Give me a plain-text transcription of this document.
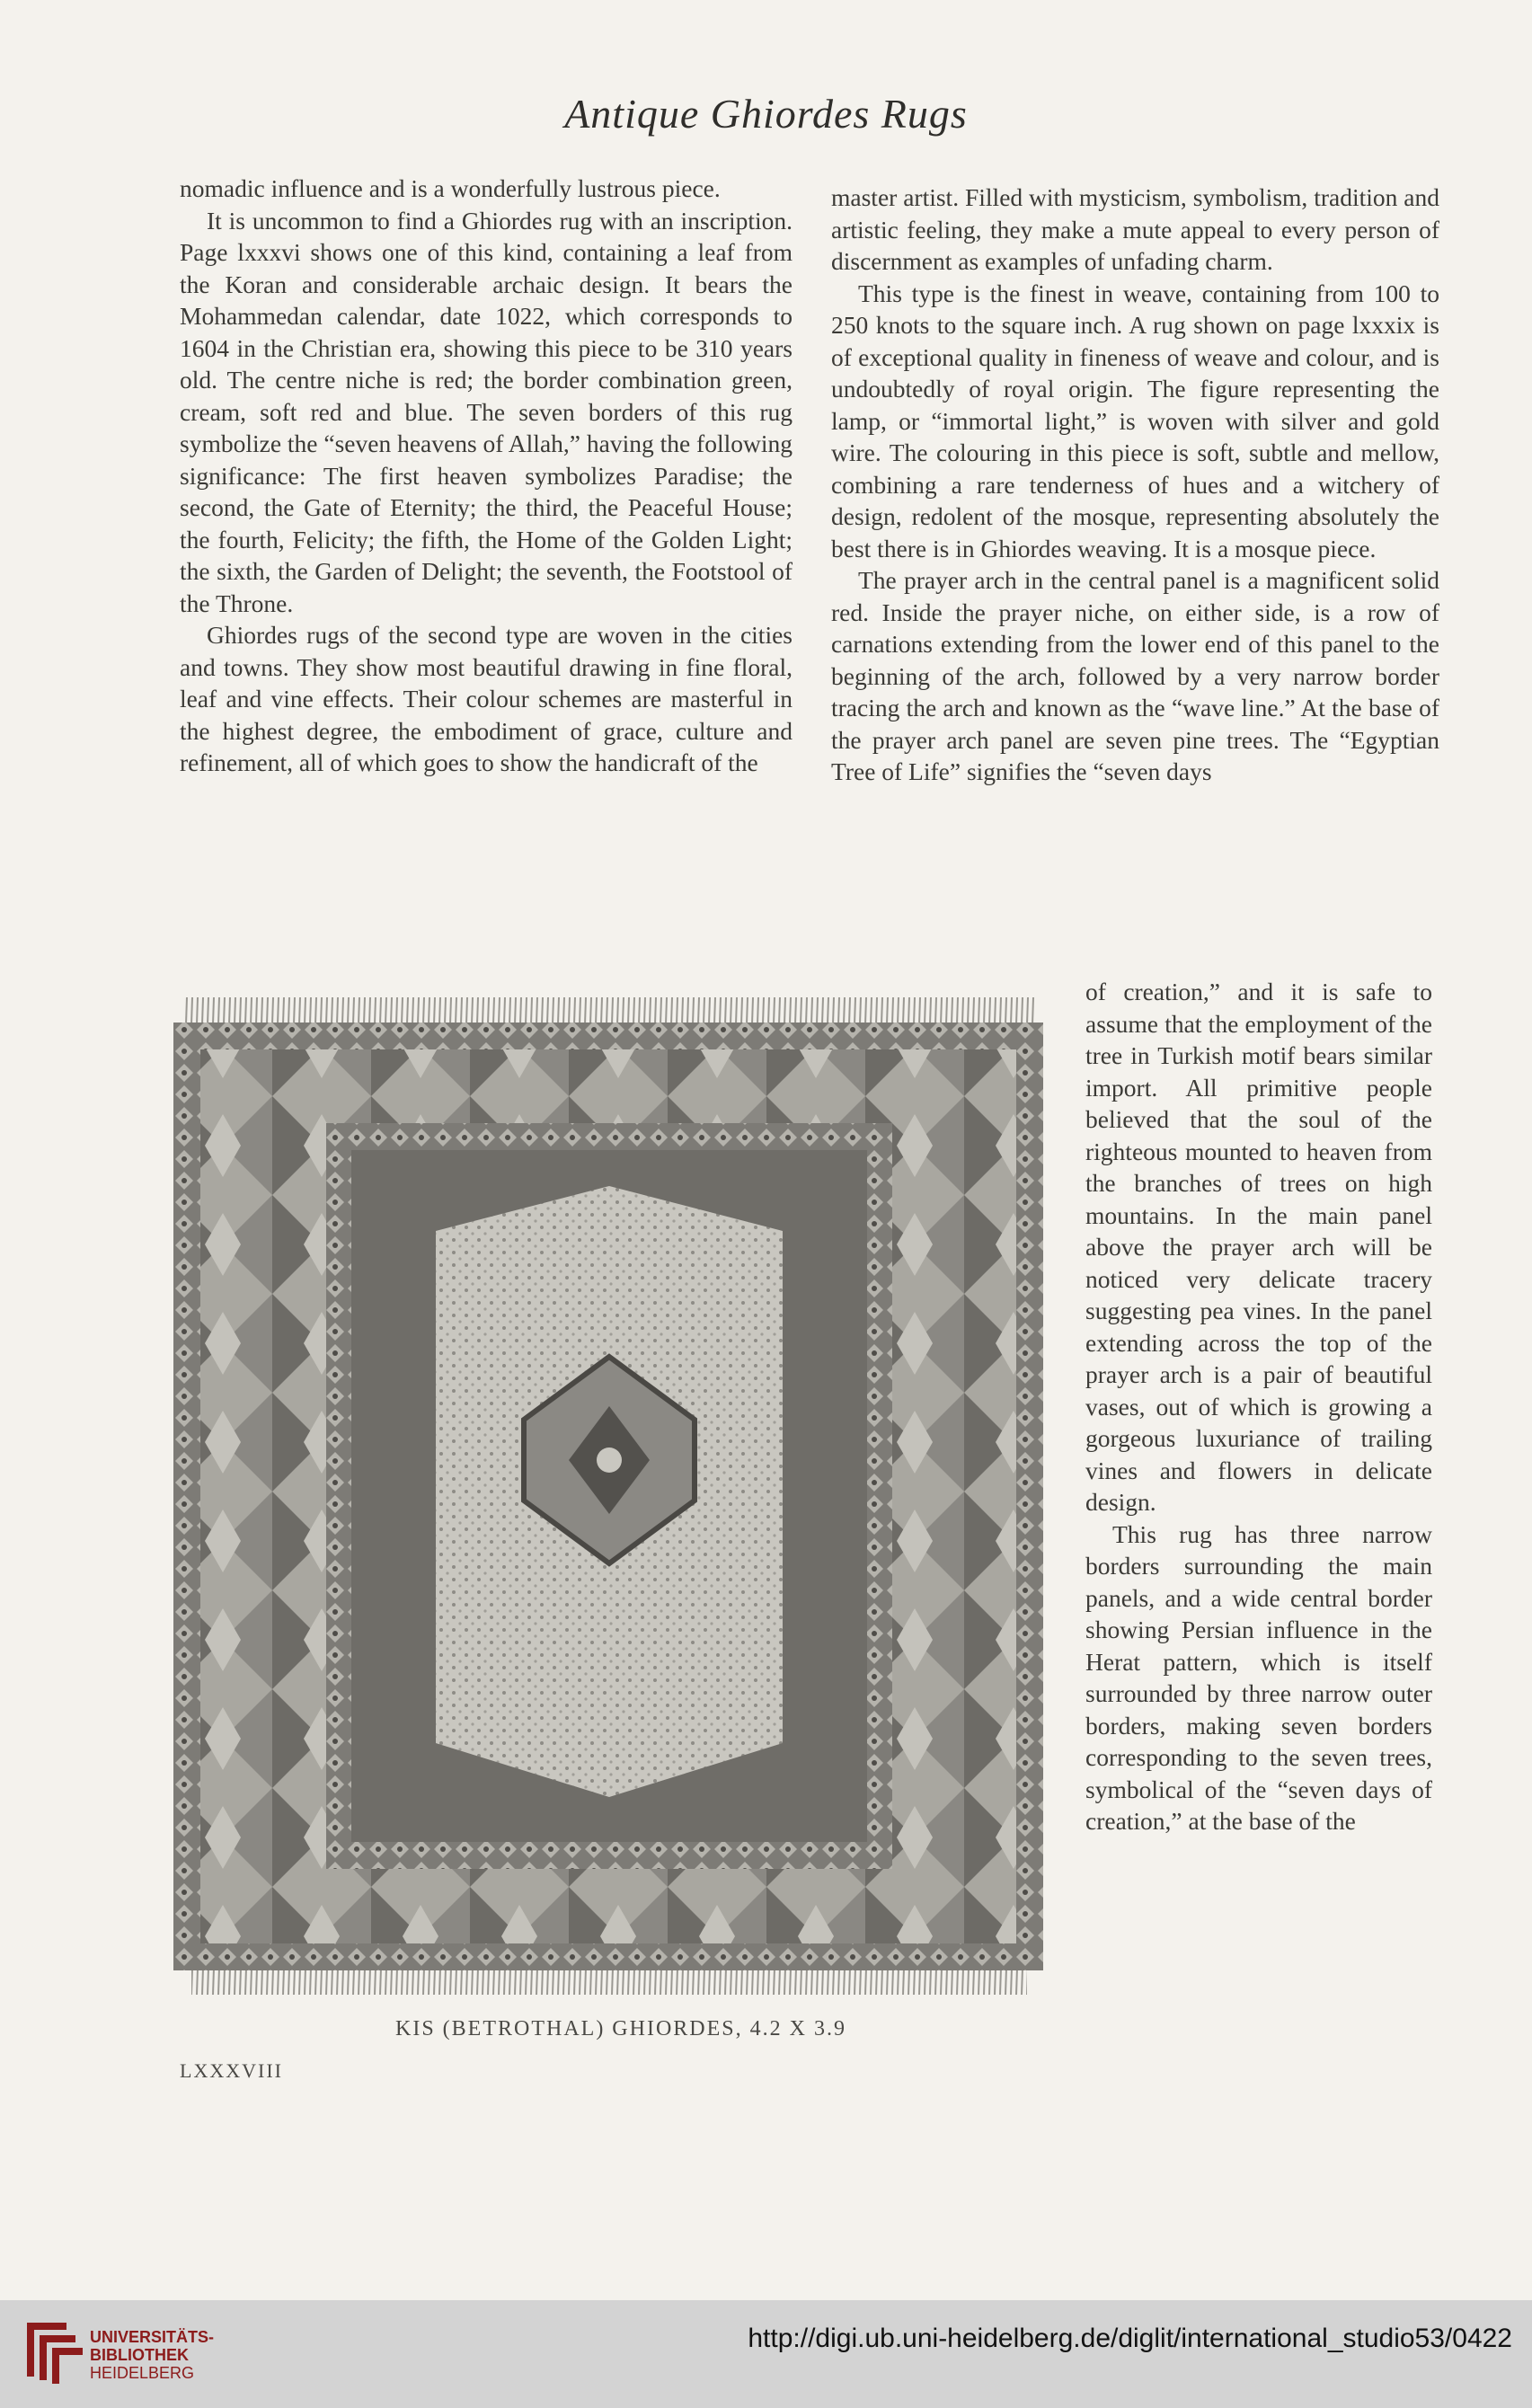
Antique Ghiordes Rugs

nomadic influence and is a wonderfully lustrous piece.

It is uncommon to find a Ghiordes rug with an inscription. Page lxxxvi shows one of this kind, containing a leaf from the Koran and considerable archaic design. It bears the Mohammedan calendar, date 1022, which corresponds to 1604 in the Christian era, showing this piece to be 310 years old. The centre niche is red; the border combination green, cream, soft red and blue. The seven borders of this rug symbolize the “seven heavens of Allah,” having the following significance: The first heaven symbolizes Paradise; the second, the Gate of Eternity; the third, the Peaceful House; the fourth, Felicity; the fifth, the Home of the Golden Light; the sixth, the Garden of Delight; the seventh, the Footstool of the Throne.

Ghiordes rugs of the second type are woven in the cities and towns. They show most beautiful drawing in fine floral, leaf and vine effects. Their colour schemes are masterful in the highest degree, the embodiment of grace, culture and refinement, all of which goes to show the handicraft of the

master artist. Filled with mysticism, symbolism, tradition and artistic feeling, they make a mute appeal to every person of discernment as examples of unfading charm.

This type is the finest in weave, containing from 100 to 250 knots to the square inch. A rug shown on page lxxxix is of exceptional quality in fineness of weave and colour, and is undoubtedly of royal origin. The figure representing the lamp, or “immortal light,” is woven with silver and gold wire. The colouring in this piece is soft, subtle and mellow, combining a rare tenderness of hues and a witchery of design, redolent of the mosque, representing absolutely the best there is in Ghiordes weaving. It is a mosque piece.

The prayer arch in the central panel is a magnificent solid red. Inside the prayer niche, on either side, is a row of carnations extending from the lower end of this panel to the beginning of the arch, followed by a very narrow border tracing the arch and known as the “wave line.” At the base of the prayer arch panel are seven pine trees. The “Egyptian Tree of Life” signifies the “seven days

of creation,” and it is safe to assume that the employment of the tree in Turkish motif bears similar import. All primitive people believed that the soul of the righteous mounted to heaven from the branches of trees on high mountains. In the main panel above the prayer arch will be noticed very delicate tracery suggesting pea vines. In the panel extending across the top of the prayer arch is a pair of beautiful vases, out of which is growing a gorgeous luxuriance of trailing vines and flowers in delicate design.

This rug has three narrow borders surrounding the main panels, and a wide central border showing Persian influence in the Herat pattern, which is itself surrounded by three narrow outer borders, making seven borders corresponding to the seven trees, symbolical of the “seven days of creation,” at the base of the

KIS (BETROTHAL) GHIORDES, 4.2 X 3.9
LXXXVIII
UNIVERSITÄTS-
BIBLIOTHEK
HEIDELBERG
http://digi.ub.uni-heidelberg.de/diglit/international_studio53/0422
